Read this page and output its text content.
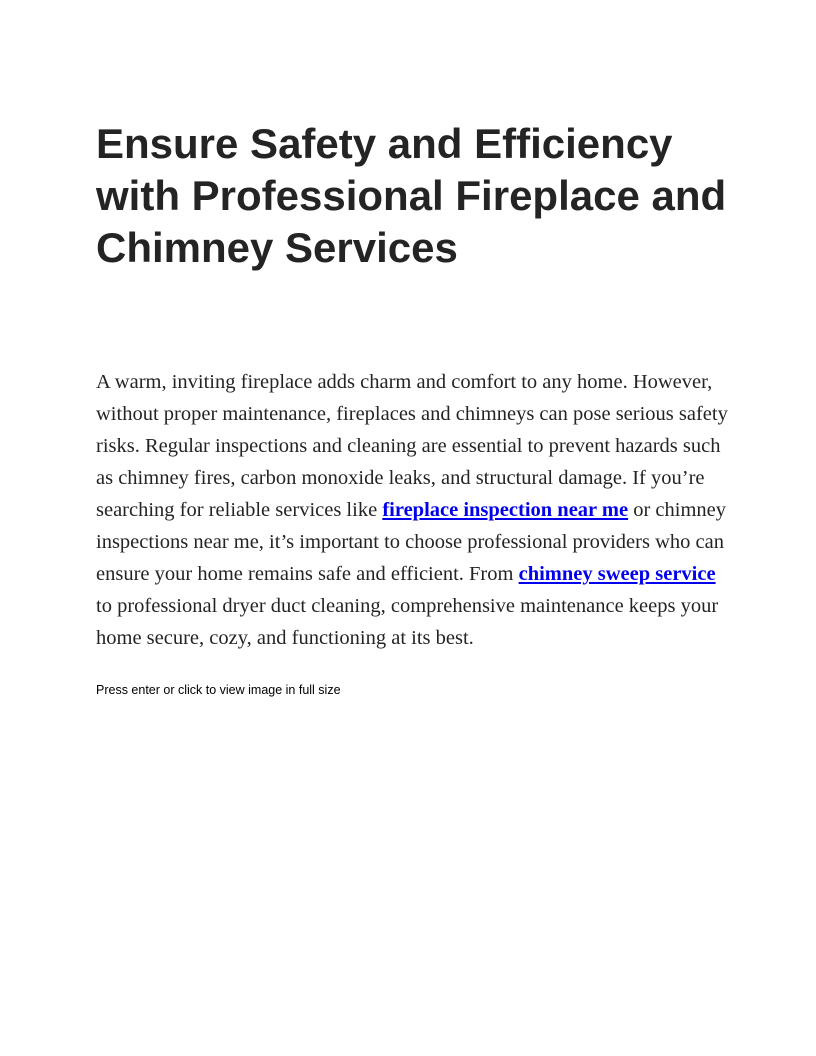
Ensure Safety and Efficiency
with Professional Fireplace and
Chimney Services

A warm, inviting fireplace adds charm and comfort to any home. However, without proper maintenance, fireplaces and chimneys can pose serious safety risks. Regular inspections and cleaning are essential to prevent hazards such as chimney fires, carbon monoxide leaks, and structural damage. If you’re searching for reliable services like fireplace inspection near me or chimney inspections near me, it’s important to choose professional providers who can ensure your home remains safe and efficient. From chimney sweep service to professional dryer duct cleaning, comprehensive maintenance keeps your home secure, cozy, and functioning at its best.

Press enter or click to view image in full size
